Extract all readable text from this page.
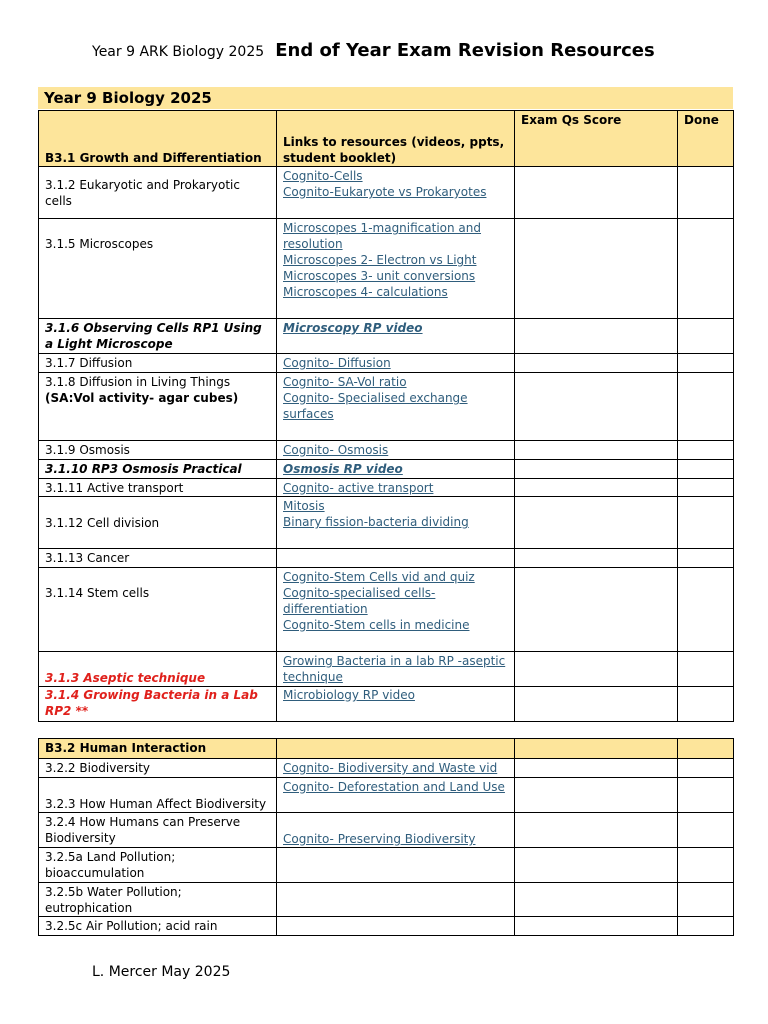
Year 9 ARK Biology 2025 End of Year Exam Revision Resources
Year 9 Biology 2025
B3.1 Growth and Differentiation	Links to resources (videos, ppts, student booklet)	Exam Qs Score	Done
3.1.2 Eukaryotic and Prokaryotic cells	Cognito-Cells
Cognito-Eukaryote vs Prokaryotes		

3.1.5 Microscopes	Microscopes 1-magnification and resolution
Microscopes 2- Electron vs Light
Microscopes 3- unit conversions
Microscopes 4- calculations		

3.1.6 Observing Cells RP1 Using a Light Microscope	Microscopy RP video		

3.1.7 Diffusion	Cognito- Diffusion		

3.1.8 Diffusion in Living Things (SA:Vol activity- agar cubes)	Cognito- SA-Vol ratio
Cognito- Specialised exchange surfaces		

3.1.9 Osmosis	Cognito- Osmosis		

3.1.10 RP3 Osmosis Practical	Osmosis RP video		

3.1.11 Active transport	Cognito- active transport		

3.1.12 Cell division	Mitosis
Binary fission-bacteria dividing		

3.1.13 Cancer			
3.1.14 Stem cells	Cognito-Stem Cells vid and quiz
Cognito-specialised cells-differentiation
Cognito-Stem cells in medicine		

3.1.3 Aseptic technique	Growing Bacteria in a lab RP -aseptic technique		

3.1.4 Growing Bacteria in a Lab RP2 **	Microbiology RP video		

B3.2 Human Interaction			
3.2.2 Biodiversity	Cognito- Biodiversity and Waste vid		

3.2.3 How Human Affect Biodiversity	Cognito- Deforestation and Land Use		

3.2.4 How Humans can Preserve Biodiversity	Cognito- Preserving Biodiversity		

3.2.5a Land Pollution; bioaccumulation			
3.2.5b Water Pollution; eutrophication			
3.2.5c Air Pollution; acid rain			
L. Mercer May 2025
